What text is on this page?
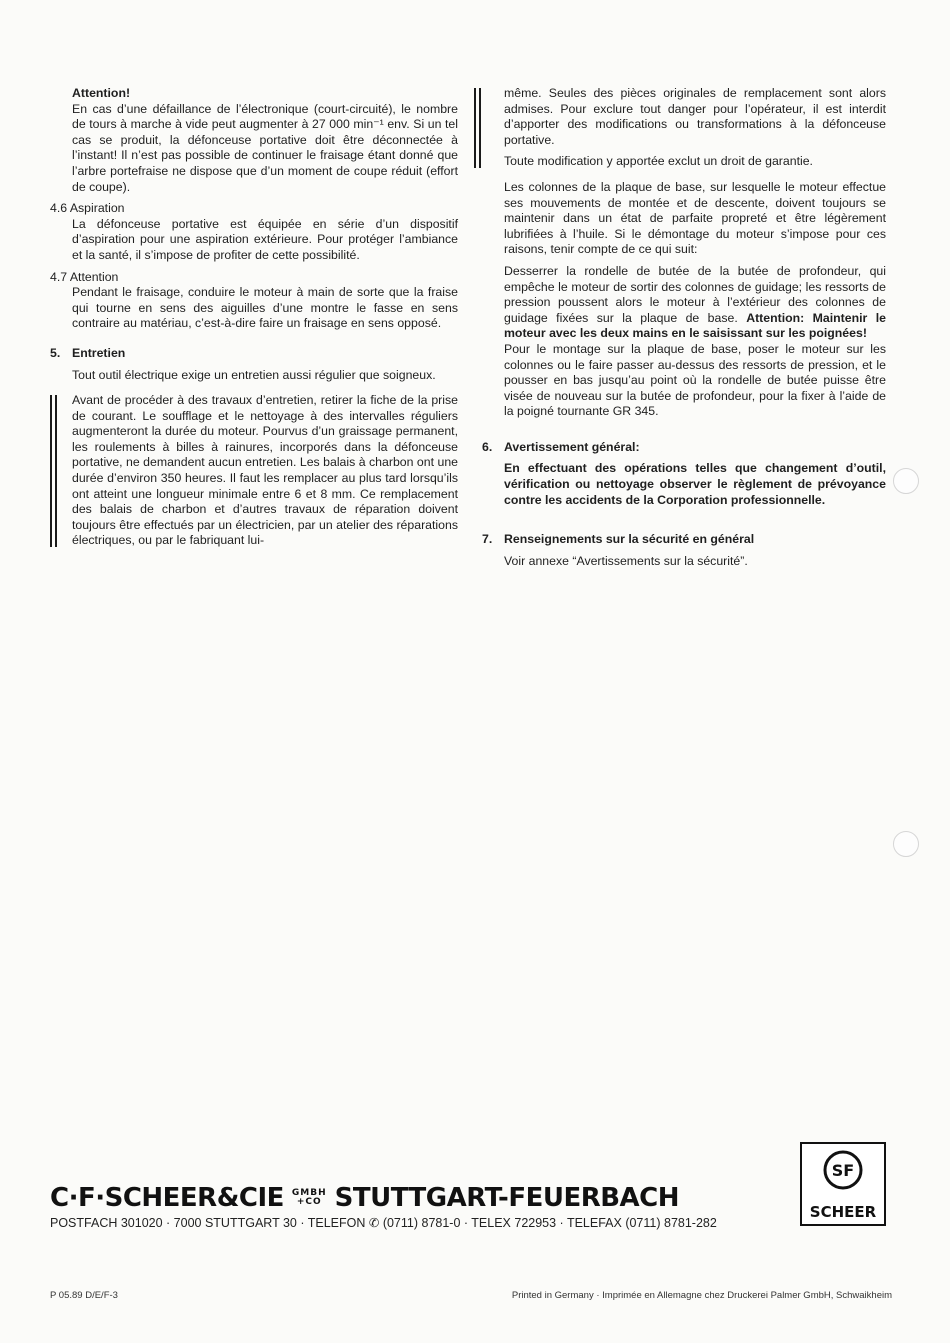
Attention!

En cas d’une défaillance de l’électronique (court-circuité), le nombre de tours à marche à vide peut augmenter à 27 000 min⁻¹ env. Si un tel cas se produit, la défonceuse portative doit être déconnectée à l’instant! Il n’est pas possible de continuer le fraisage étant donné que l’arbre portefraise ne dispose que d’un moment de coupe réduit (effort de coupe).

4.6 Aspiration

La défonceuse portative est équipée en série d’un dispositif d’aspiration pour une aspiration extérieure. Pour protéger l’ambiance et la santé, il s’impose de profiter de cette possibilité.

4.7 Attention

Pendant le fraisage, conduire le moteur à main de sorte que la fraise qui tourne en sens des aiguilles d’une montre le fasse en sens contraire au matériau, c’est-à-dire faire un fraisage en sens opposé.

5. Entretien

Tout outil électrique exige un entretien aussi régulier que soigneux.

Avant de procéder à des travaux d’entretien, retirer la fiche de la prise de courant. Le soufflage et le nettoyage à des intervalles réguliers augmenteront la durée du moteur. Pourvus d’un graissage permanent, les roulements à billes à rainures, incorporés dans la défonceuse portative, ne demandent aucun entretien. Les balais à charbon ont une durée d’environ 350 heures. Il faut les remplacer au plus tard lorsqu’ils ont atteint une longueur minimale entre 6 et 8 mm. Ce remplacement des balais de charbon et d’autres travaux de réparation doivent toujours être effectués par un électricien, par un atelier des réparations électriques, ou par le fabriquant lui-

même. Seules des pièces originales de remplacement sont alors admises. Pour exclure tout danger pour l’opérateur, il est interdit d’apporter des modifications ou transformations à la défonceuse portative.

Toute modification y apportée exclut un droit de garantie.

Les colonnes de la plaque de base, sur lesquelle le moteur effectue ses mouvements de montée et de descente, doivent toujours se maintenir dans un état de parfaite propreté et être légèrement lubrifiées à l’huile. Si le démontage du moteur s’impose pour ces raisons, tenir compte de ce qui suit:

Desserrer la rondelle de butée de la butée de profondeur, qui empêche le moteur de sortir des colonnes de guidage; les ressorts de pression poussent alors le moteur à l’extérieur des colonnes de guidage fixées sur la plaque de base. Attention: Maintenir le moteur avec les deux mains en le saisissant sur les poignées!

Pour le montage sur la plaque de base, poser le moteur sur les colonnes ou le faire passer au-dessus des ressorts de pression, et le pousser en bas jusqu’au point où la rondelle de butée puisse être visée de nouveau sur la butée de profondeur, pour la fixer à l’aide de la poigné tournante GR 345.

6. Avertissement général:

En effectuant des opérations telles que changement d’outil, vérification ou nettoyage observer le règlement de prévoyance contre les accidents de la Corporation professionnelle.

7. Renseignements sur la sécurité en général

Voir annexe “Avertissements sur la sécurité”.

C·F·SCHEER&CIE GMBH
+CO STUTTGART-FEUERBACH
POSTFACH 301020 · 7000 STUTTGART 30 · TELEFON ✆ (0711) 8781-0 · TELEX 722953 · TELEFAX (0711) 8781-282
SF
SCHEER
P 05.89 D/E/F-3	Printed in Germany · Imprimée en Allemagne chez Druckerei Palmer GmbH, Schwaikheim
